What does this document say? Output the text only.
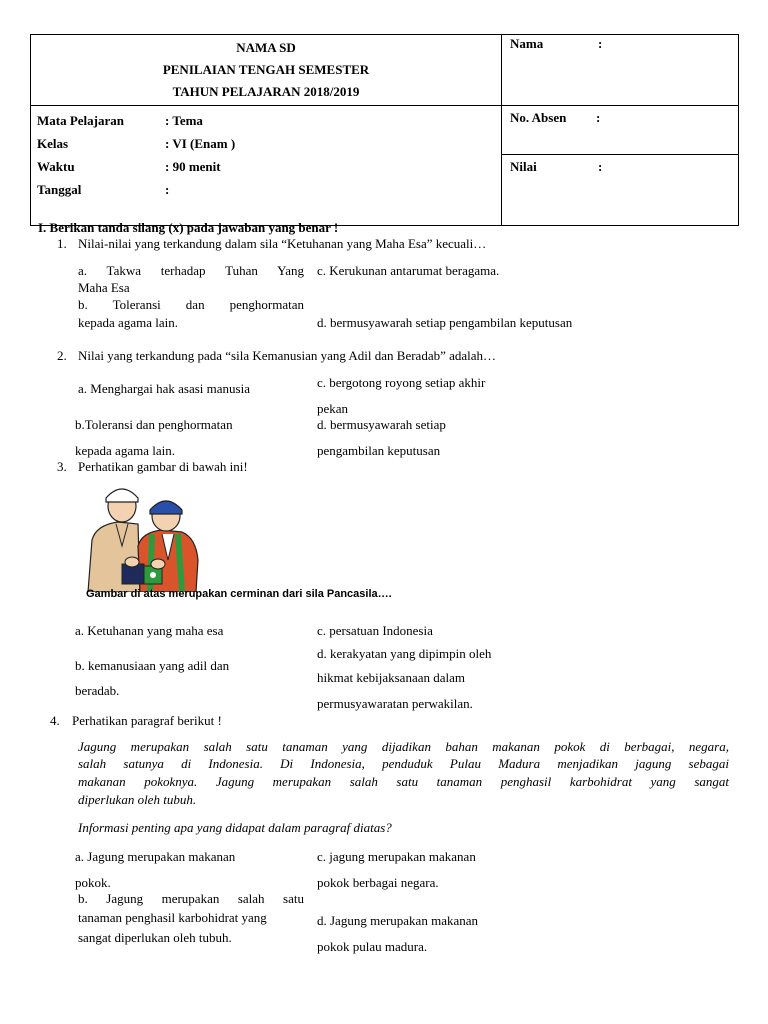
NAMA SD
PENILAIAN TENGAH SEMESTER
TAHUN PELAJARAN 2018/2019	Nama :

Mata Pelajaran : Tema
Kelas : VI (Enam )
Waktu : 90 menit
Tanggal :	No. Absen :

	Nilai :
I. Berikan tanda silang (x) pada jawaban yang benar !
1. Nilai-nilai yang terkandung dalam sila “Ketuhanan yang Maha Esa” kecuali…
a. Takwa terhadap Tuhan Yang
Maha Esa
b. Toleransi dan penghormatan
kepada agama lain.
c. Kerukunan antarumat beragama.
d. bermusyawarah setiap pengambilan keputusan
2. Nilai yang terkandung pada “sila Kemanusian yang Adil dan Beradab” adalah…
a. Menghargai hak asasi manusia
b.Toleransi dan penghormatan
kepada agama lain.
c. bergotong royong setiap akhir
pekan
d. bermusyawarah setiap
pengambilan keputusan
3. Perhatikan gambar di bawah ini!
Gambar di atas merupakan cerminan dari sila Pancasila….
a. Ketuhanan yang maha esa
b. kemanusiaan yang adil dan
beradab.
c. persatuan Indonesia
d. kerakyatan yang dipimpin oleh
hikmat kebijaksanaan dalam
permusyawaratan perwakilan.
4. Perhatikan paragraf berikut !
Jagung merupakan salah satu tanaman yang dijadikan bahan makanan pokok di berbagai, negara,
salah satunya di Indonesia. Di Indonesia, penduduk Pulau Madura menjadikan jagung sebagai
makanan pokoknya. Jagung merupakan salah satu tanaman penghasil karbohidrat yang sangat
diperlukan oleh tubuh.
Informasi penting apa yang didapat dalam paragraf diatas?
a. Jagung merupakan makanan
pokok.
b. Jagung merupakan salah satu
tanaman penghasil karbohidrat yang
sangat diperlukan oleh tubuh.
c. jagung merupakan makanan
pokok berbagai negara.
d. Jagung merupakan makanan
pokok pulau madura.
